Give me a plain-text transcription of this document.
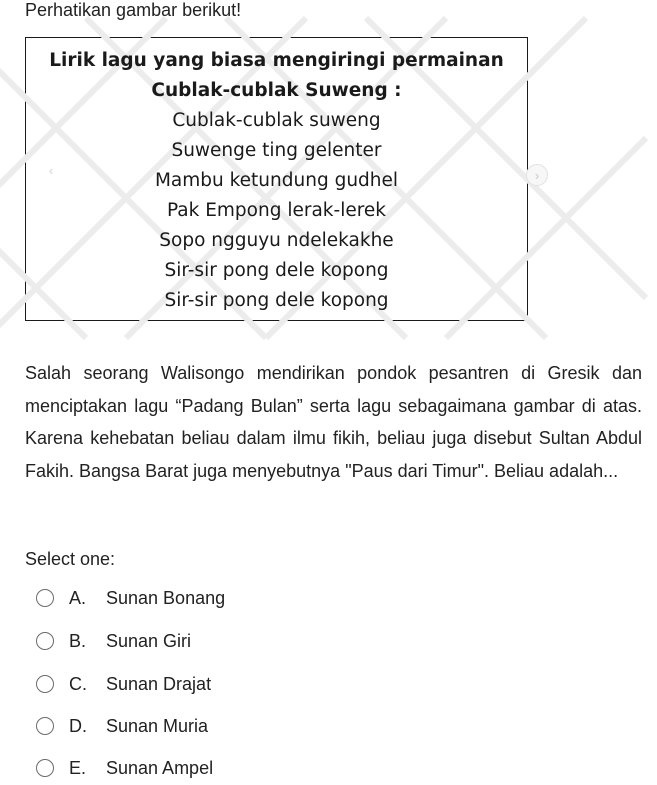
Perhatikan gambar berikut!
‹
Lirik lagu yang biasa mengiringi permainan
Cublak-cublak Suweng :
Cublak-cublak suweng
Suwenge ting gelenter
Mambu ketundung gudhel
Pak Empong lerak-lerek
Sopo ngguyu ndelekakhe
Sir-sir pong dele kopong
Sir-sir pong dele kopong
›
Salah seorang Walisongo mendirikan pondok pesantren di Gresik dan menciptakan lagu “Padang Bulan” serta lagu sebagaimana gambar di atas. Karena kehebatan beliau dalam ilmu fikih, beliau juga disebut Sultan Abdul Fakih. Bangsa Barat juga menyebutnya "Paus dari Timur". Beliau adalah...
Select one:
A.	Sunan Bonang
B.	Sunan Giri
C.	Sunan Drajat
D.	Sunan Muria
E.	Sunan Ampel
